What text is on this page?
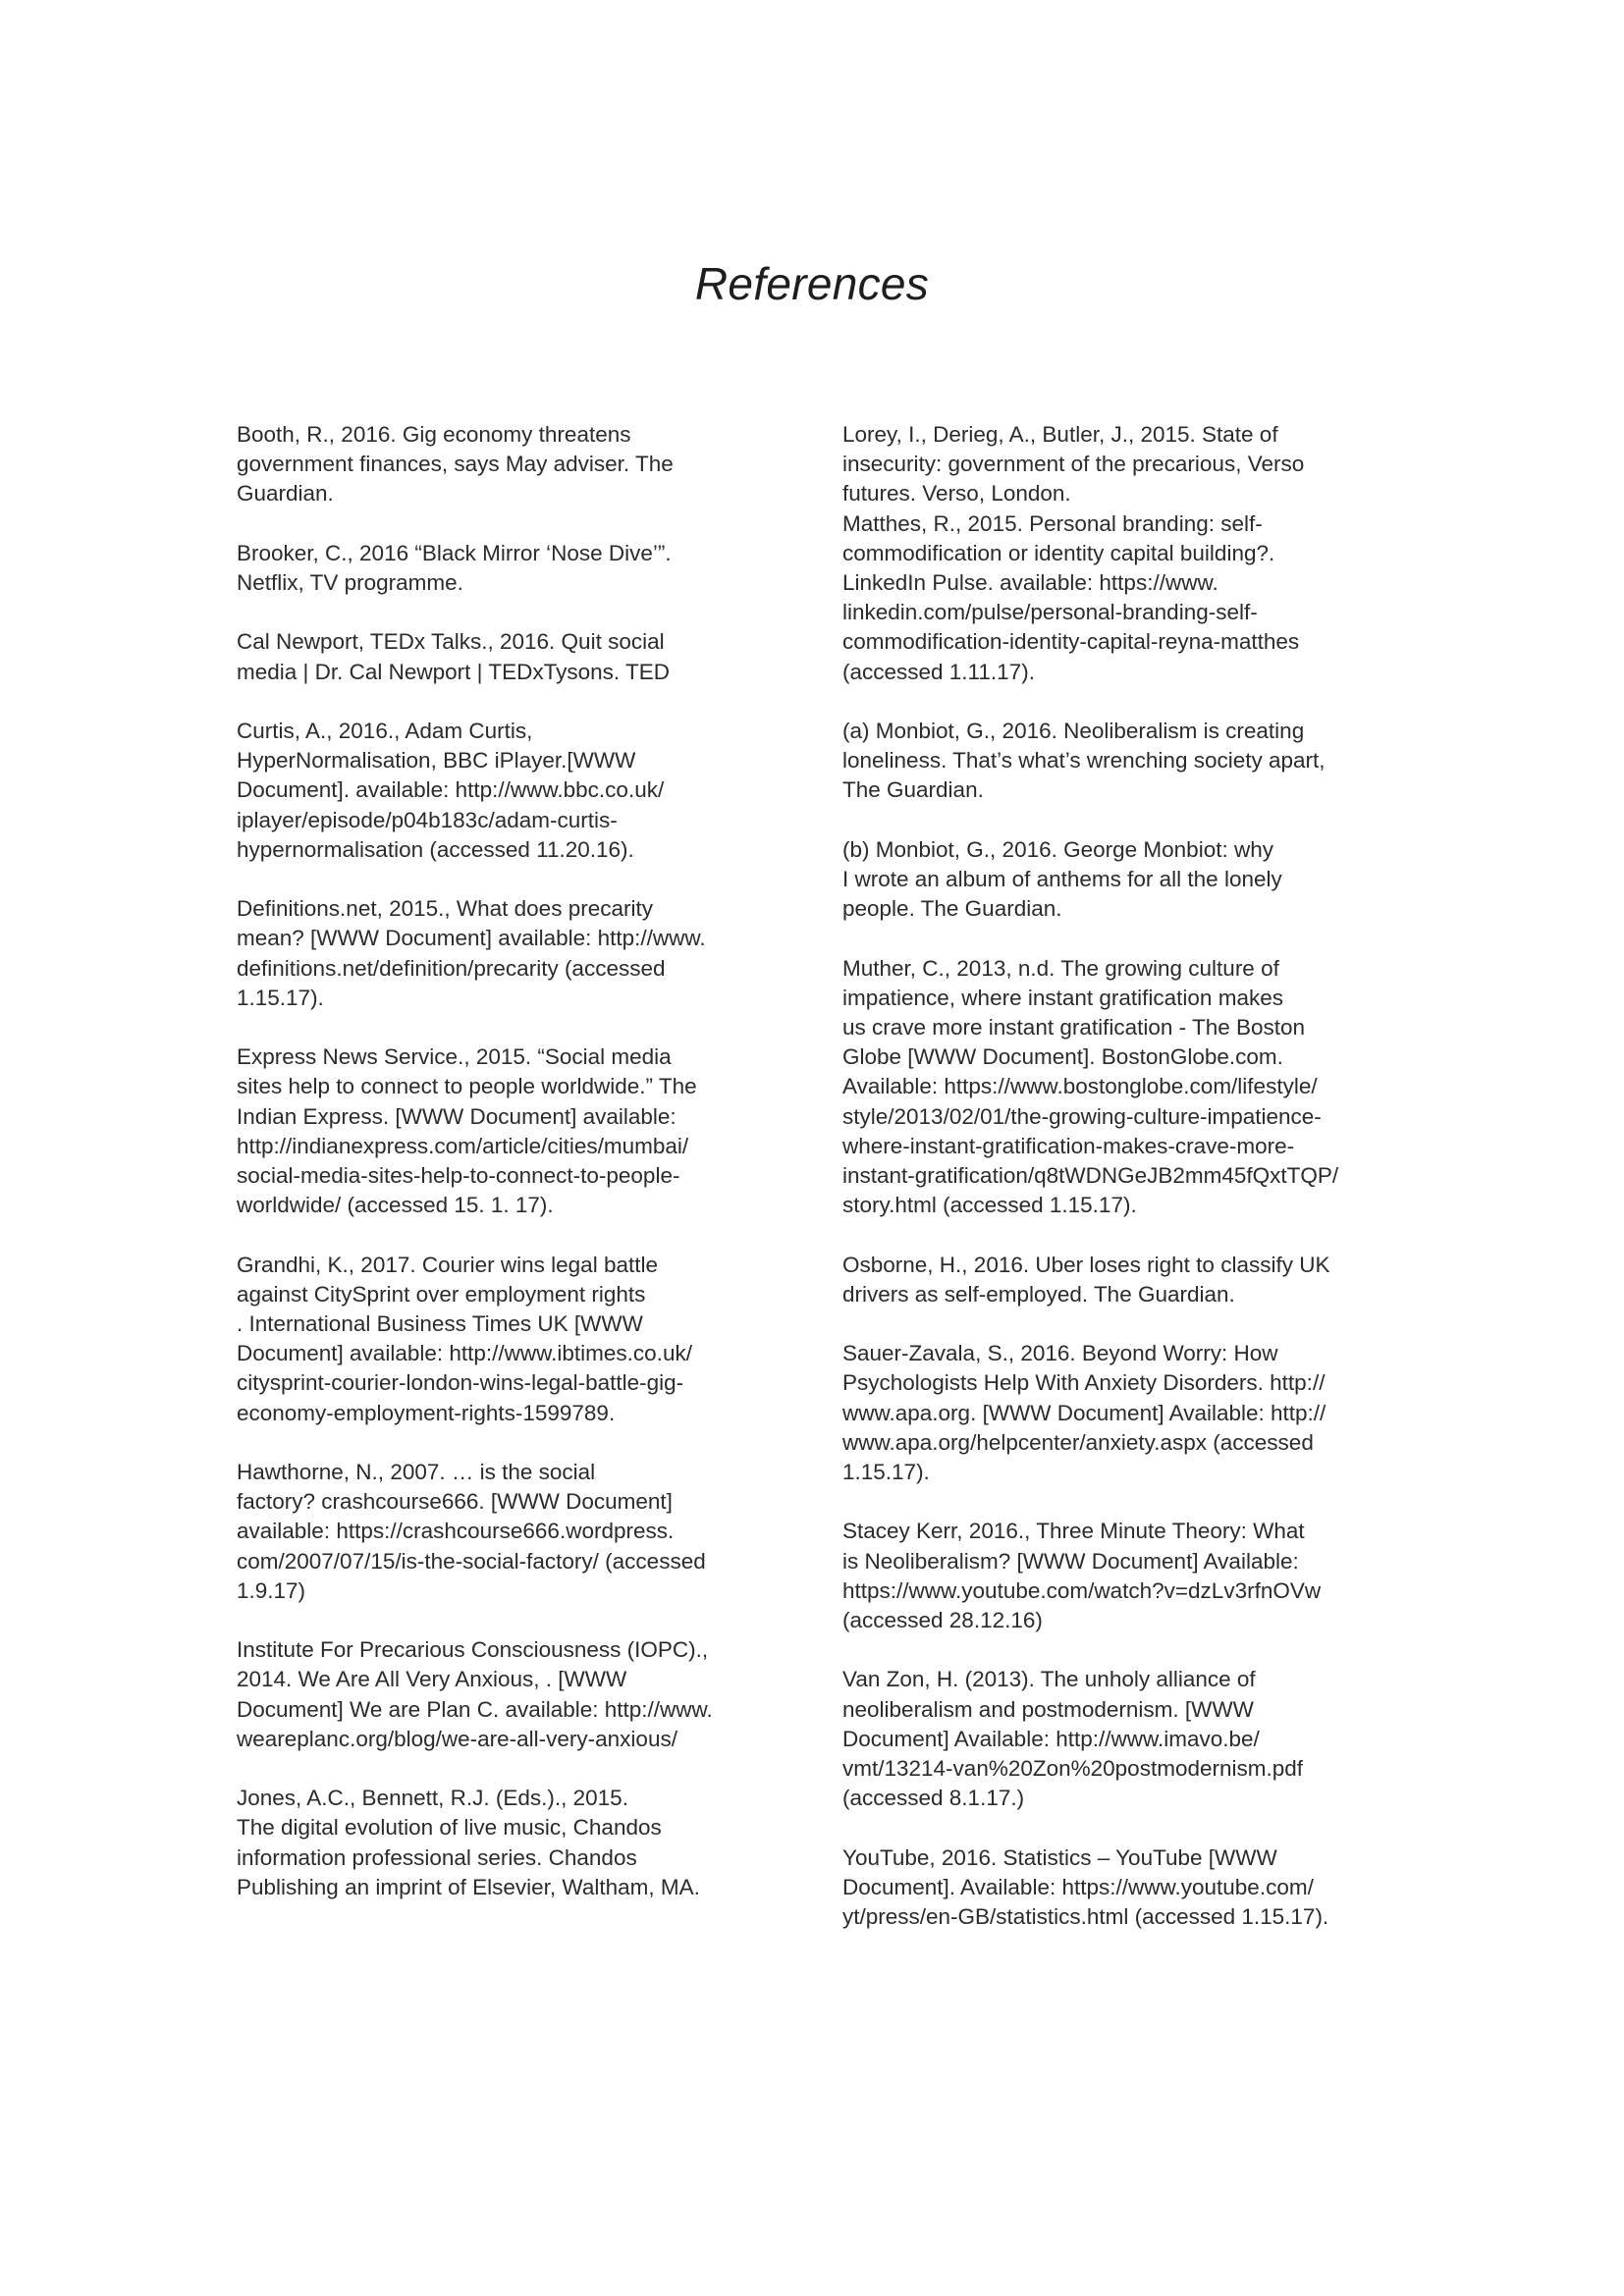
References
Booth, R., 2016. Gig economy threatens
government finances, says May adviser. The
Guardian.
Brooker, C., 2016 “Black Mirror ‘Nose Dive’”.
Netflix, TV programme.
Cal Newport, TEDx Talks., 2016. Quit social
media | Dr. Cal Newport | TEDxTysons. TED
Curtis, A., 2016., Adam Curtis,
HyperNormalisation, BBC iPlayer.[WWW
Document]. available: http://www.bbc.co.uk/
iplayer/episode/p04b183c/adam-curtis-
hypernormalisation (accessed 11.20.16).
Definitions.net, 2015., What does precarity
mean? [WWW Document] available: http://www.
definitions.net/definition/precarity (accessed
1.15.17).
Express News Service., 2015. “Social media
sites help to connect to people worldwide.” The
Indian Express. [WWW Document] available:
http://indianexpress.com/article/cities/mumbai/
social-media-sites-help-to-connect-to-people-
worldwide/ (accessed 15. 1. 17).
Grandhi, K., 2017. Courier wins legal battle
against CitySprint over employment rights
. International Business Times UK [WWW
Document] available: http://www.ibtimes.co.uk/
citysprint-courier-london-wins-legal-battle-gig-
economy-employment-rights-1599789.
Hawthorne, N., 2007. … is the social
factory? crashcourse666. [WWW Document]
available: https://crashcourse666.wordpress.
com/2007/07/15/is-the-social-factory/ (accessed
1.9.17)
Institute For Precarious Consciousness (IOPC).,
2014. We Are All Very Anxious, . [WWW
Document] We are Plan C. available: http://www.
weareplanc.org/blog/we-are-all-very-anxious/
Jones, A.C., Bennett, R.J. (Eds.)., 2015.
The digital evolution of live music, Chandos
information professional series. Chandos
Publishing an imprint of Elsevier, Waltham, MA.
Lorey, I., Derieg, A., Butler, J., 2015. State of
insecurity: government of the precarious, Verso
futures. Verso, London.
Matthes, R., 2015. Personal branding: self-
commodification or identity capital building?.
LinkedIn Pulse. available: https://www.
linkedin.com/pulse/personal-branding-self-
commodification-identity-capital-reyna-matthes
(accessed 1.11.17).
(a) Monbiot, G., 2016. Neoliberalism is creating
loneliness. That’s what’s wrenching society apart,
The Guardian.
(b) Monbiot, G., 2016. George Monbiot: why
I wrote an album of anthems for all the lonely
people. The Guardian.
Muther, C., 2013, n.d. The growing culture of
impatience, where instant gratification makes
us crave more instant gratification - The Boston
Globe [WWW Document]. BostonGlobe.com.
Available: https://www.bostonglobe.com/lifestyle/
style/2013/02/01/the-growing-culture-impatience-
where-instant-gratification-makes-crave-more-
instant-gratification/q8tWDNGeJB2mm45fQxtTQP/
story.html (accessed 1.15.17).
Osborne, H., 2016. Uber loses right to classify UK
drivers as self-employed. The Guardian.
Sauer-Zavala, S., 2016. Beyond Worry: How
Psychologists Help With Anxiety Disorders. http://
www.apa.org. [WWW Document] Available: http://
www.apa.org/helpcenter/anxiety.aspx (accessed
1.15.17).
Stacey Kerr, 2016., Three Minute Theory: What
is Neoliberalism? [WWW Document] Available:
https://www.youtube.com/watch?v=dzLv3rfnOVw
(accessed 28.12.16)
Van Zon, H. (2013). The unholy alliance of
neoliberalism and postmodernism. [WWW
Document] Available: http://www.imavo.be/
vmt/13214-van%20Zon%20postmodernism.pdf
(accessed 8.1.17.)
YouTube, 2016. Statistics – YouTube [WWW
Document]. Available: https://www.youtube.com/
yt/press/en-GB/statistics.html (accessed 1.15.17).
